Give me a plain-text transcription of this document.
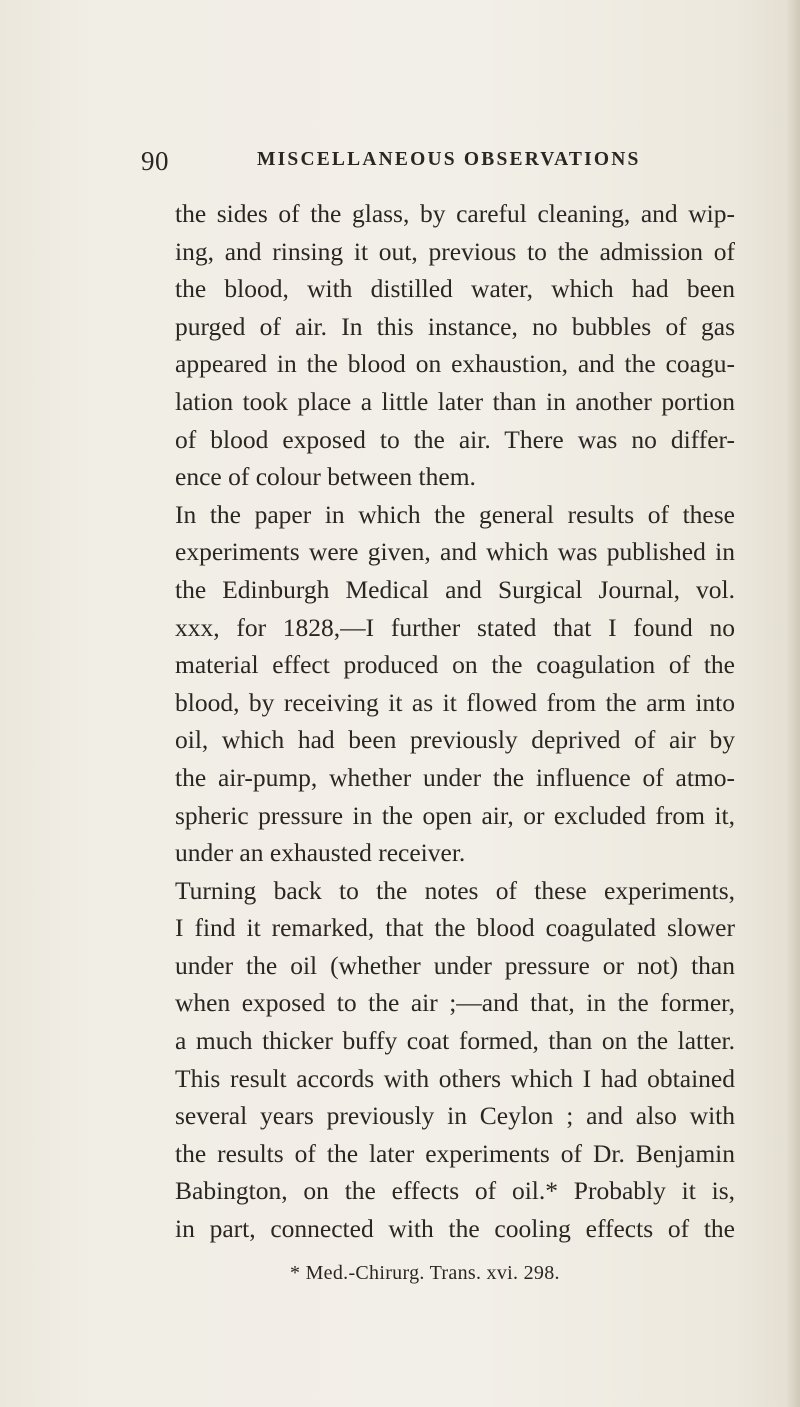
90	MISCELLANEOUS OBSERVATIONS
the sides of the glass, by careful cleaning, and wip-
ing, and rinsing it out, previous to the admission of
the blood, with distilled water, which had been
purged of air. In this instance, no bubbles of gas
appeared in the blood on exhaustion, and the coagu-
lation took place a little later than in another portion
of blood exposed to the air. There was no differ-
ence of colour between them.
In the paper in which the general results of these
experiments were given, and which was published in
the Edinburgh Medical and Surgical Journal, vol.
xxx, for 1828,—I further stated that I found no
material effect produced on the coagulation of the
blood, by receiving it as it flowed from the arm into
oil, which had been previously deprived of air by
the air-pump, whether under the influence of atmo-
spheric pressure in the open air, or excluded from it,
under an exhausted receiver.
Turning back to the notes of these experiments,
I find it remarked, that the blood coagulated slower
under the oil (whether under pressure or not) than
when exposed to the air ;—and that, in the former,
a much thicker buffy coat formed, than on the latter.
This result accords with others which I had obtained
several years previously in Ceylon ; and also with
the results of the later experiments of Dr. Benjamin
Babington, on the effects of oil.* Probably it is,
in part, connected with the cooling effects of the
* Med.-Chirurg. Trans. xvi. 298.
